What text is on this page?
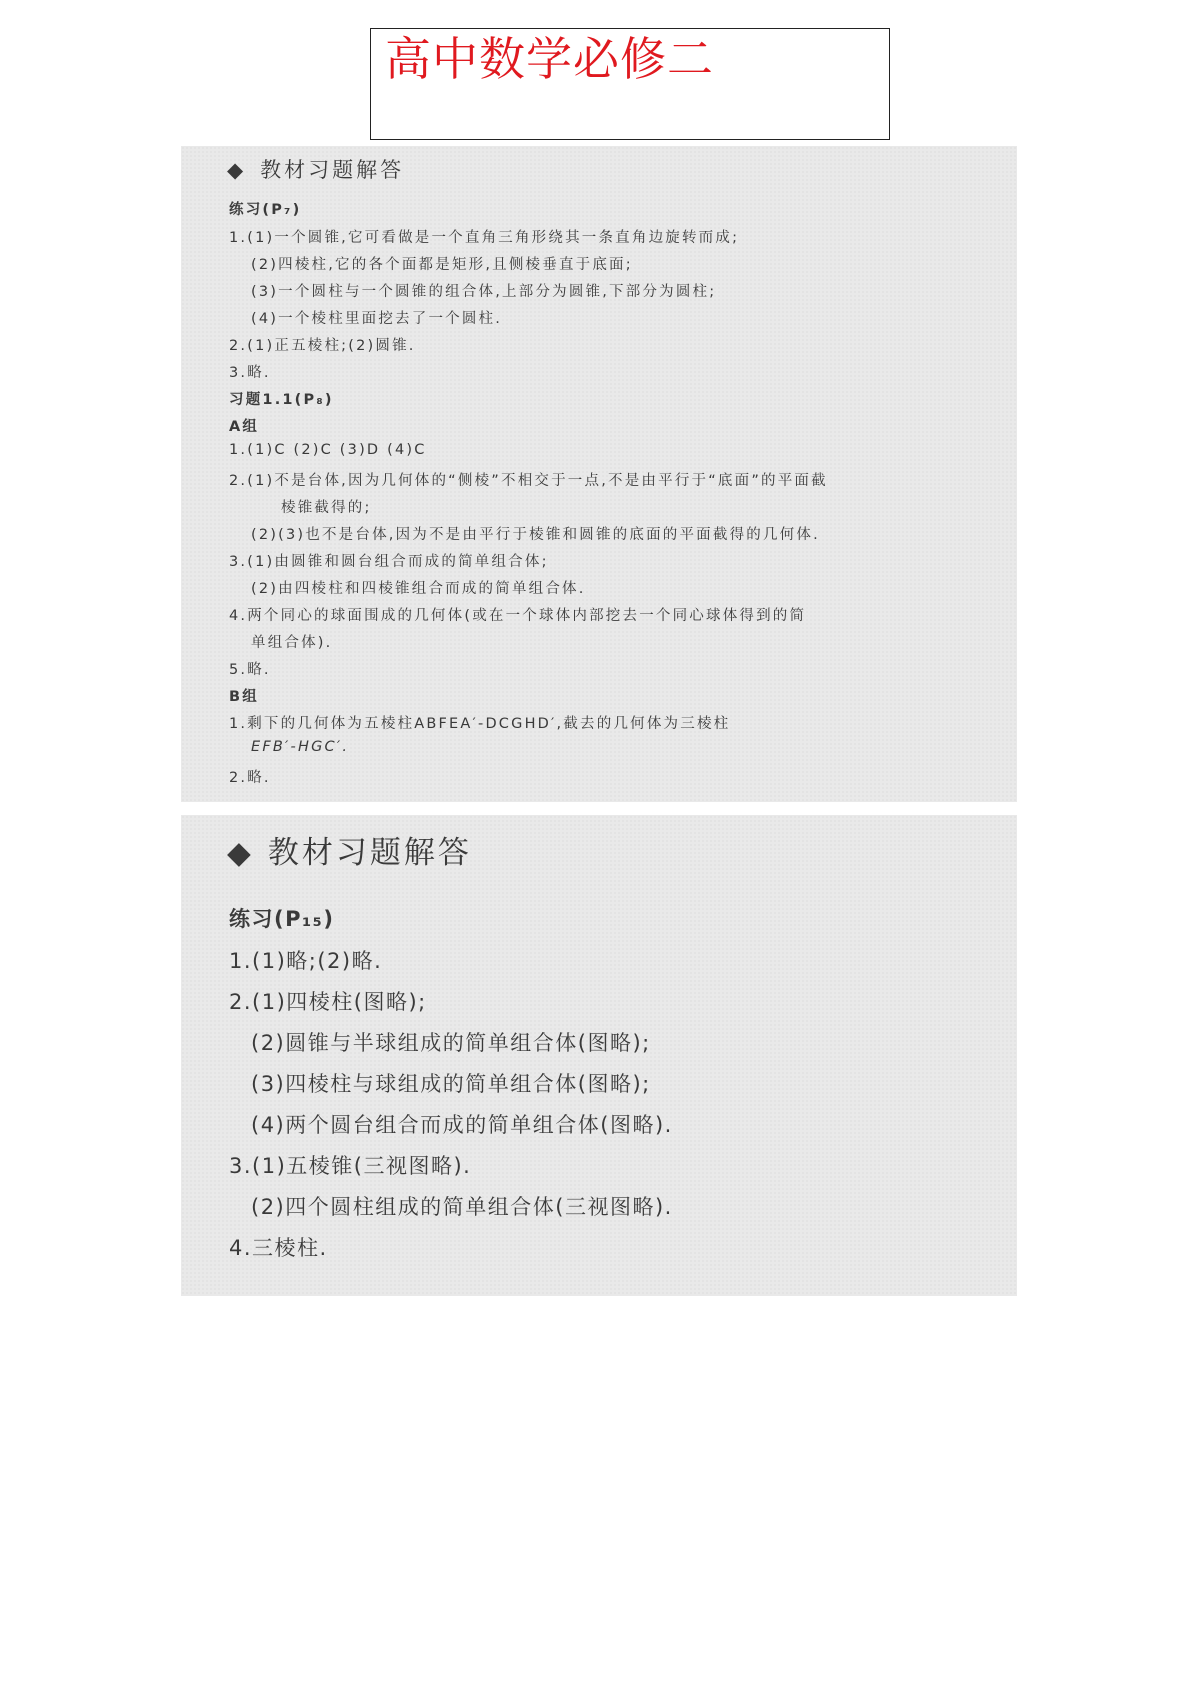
高中数学必修二
◆ 教材习题解答
练习(P₇)
1.(1)一个圆锥,它可看做是一个直角三角形绕其一条直角边旋转而成;
(2)四棱柱,它的各个面都是矩形,且侧棱垂直于底面;
(3)一个圆柱与一个圆锥的组合体,上部分为圆锥,下部分为圆柱;
(4)一个棱柱里面挖去了一个圆柱.
2.(1)正五棱柱;(2)圆锥.
3.略.
习题1.1(P₈)
A组
1.(1)C (2)C (3)D (4)C
2.(1)不是台体,因为几何体的“侧棱”不相交于一点,不是由平行于“底面”的平面截
棱锥截得的;
(2)(3)也不是台体,因为不是由平行于棱锥和圆锥的底面的平面截得的几何体.
3.(1)由圆锥和圆台组合而成的简单组合体;
(2)由四棱柱和四棱锥组合而成的简单组合体.
4.两个同心的球面围成的几何体(或在一个球体内部挖去一个同心球体得到的简
单组合体).
5.略.
B组
1.剩下的几何体为五棱柱ABFEA′-DCGHD′,截去的几何体为三棱柱
EFB′-HGC′.
2.略.
◆ 教材习题解答
练习(P₁₅)
1.(1)略;(2)略.
2.(1)四棱柱(图略);
(2)圆锥与半球组成的简单组合体(图略);
(3)四棱柱与球组成的简单组合体(图略);
(4)两个圆台组合而成的简单组合体(图略).
3.(1)五棱锥(三视图略).
(2)四个圆柱组成的简单组合体(三视图略).
4.三棱柱.
